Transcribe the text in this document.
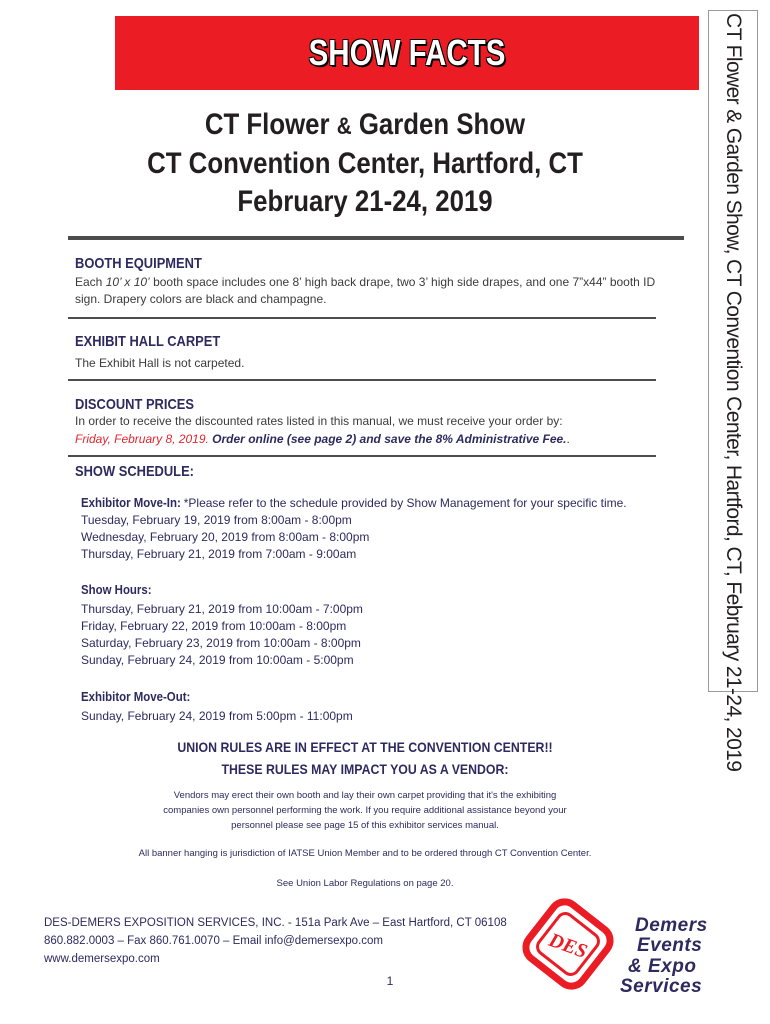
SHOW FACTS	CT Flower & Garden Show, CT Convention Center, Hartford, CT, February 21-24, 2019
CT Flower & Garden Show
CT Convention Center, Hartford, CT
February 21-24, 2019
BOOTH EQUIPMENT
Each 10’ x 10’ booth space includes one 8’ high back drape, two 3’ high side drapes, and one 7”x44” booth ID
sign. Drapery colors are black and champagne.
EXHIBIT HALL CARPET
The Exhibit Hall is not carpeted.
DISCOUNT PRICES
In order to receive the discounted rates listed in this manual, we must receive your order by:
Friday, February 8, 2019. Order online (see page 2) and save the 8% Administrative Fee..
SHOW SCHEDULE:
Exhibitor Move-In: *Please refer to the schedule provided by Show Management for your specific time.
Tuesday, February 19, 2019 from 8:00am - 8:00pm
Wednesday, February 20, 2019 from 8:00am - 8:00pm
Thursday, February 21, 2019 from 7:00am - 9:00am
Show Hours:
Thursday, February 21, 2019 from 10:00am - 7:00pm
Friday, February 22, 2019 from 10:00am - 8:00pm
Saturday, February 23, 2019 from 10:00am - 8:00pm
Sunday, February 24, 2019 from 10:00am - 5:00pm
Exhibitor Move-Out:
Sunday, February 24, 2019 from 5:00pm - 11:00pm
UNION RULES ARE IN EFFECT AT THE CONVENTION CENTER!!
THESE RULES MAY IMPACT YOU AS A VENDOR:
Vendors may erect their own booth and lay their own carpet providing that it's the exhibiting
companies own personnel performing the work. If you require additional assistance beyond your
personnel please see page 15 of this exhibitor services manual.
All banner hanging is jurisdiction of IATSE Union Member and to be ordered through CT Convention Center.
See Union Labor Regulations on page 20.
DES-DEMERS EXPOSITION SERVICES, INC. - 151a Park Ave – East Hartford, CT 06108
860.882.0003 – Fax 860.761.0070 – Email info@demersexpo.com
www.demersexpo.com
1
DES
Demers
Events
& Expo
Services
